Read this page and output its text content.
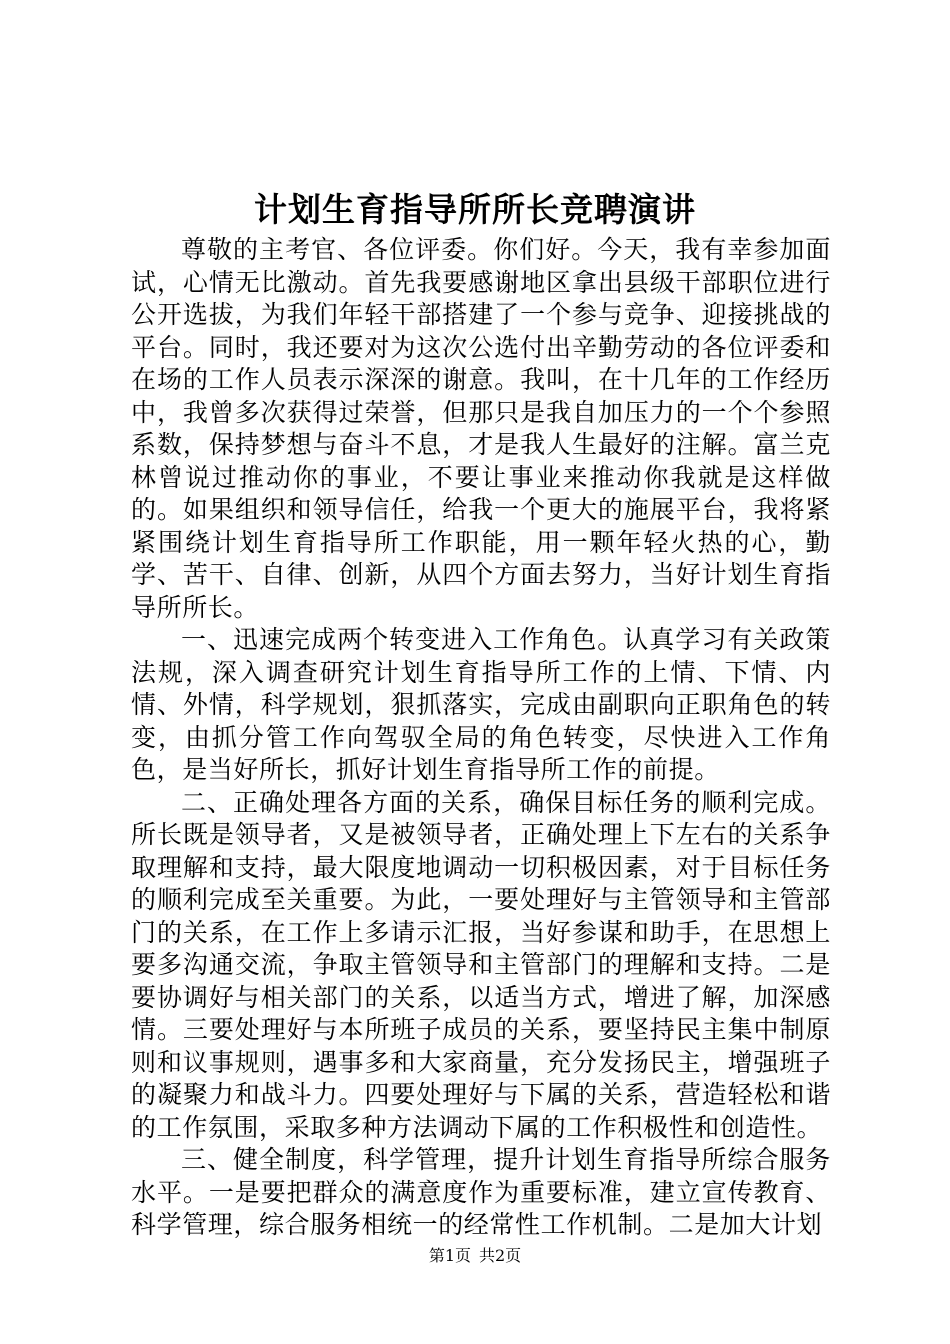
计划生育指导所所长竞聘演讲

尊敬的主考官、各位评委。你们好。今天，我有幸参加面试，心情无比激动。首先我要感谢地区拿出县级干部职位进行公开选拔，为我们年轻干部搭建了一个参与竞争、迎接挑战的平台。同时，我还要对为这次公选付出辛勤劳动的各位评委和在场的工作人员表示深深的谢意。我叫，在十几年的工作经历中，我曾多次获得过荣誉，但那只是我自加压力的一个个参照系数，保持梦想与奋斗不息，才是我人生最好的注解。富兰克林曾说过推动你的事业，不要让事业来推动你我就是这样做的。如果组织和领导信任，给我一个更大的施展平台，我将紧紧围绕计划生育指导所工作职能，用一颗年轻火热的心，勤学、苦干、自律、创新，从四个方面去努力，当好计划生育指导所所长。

一、迅速完成两个转变进入工作角色。认真学习有关政策法规，深入调查研究计划生育指导所工作的上情、下情、内情、外情，科学规划，狠抓落实，完成由副职向正职角色的转变，由抓分管工作向驾驭全局的角色转变，尽快进入工作角色，是当好所长，抓好计划生育指导所工作的前提。

二、正确处理各方面的关系，确保目标任务的顺利完成。所长既是领导者，又是被领导者，正确处理上下左右的关系争取理解和支持，最大限度地调动一切积极因素，对于目标任务的顺利完成至关重要。为此，一要处理好与主管领导和主管部门的关系，在工作上多请示汇报，当好参谋和助手，在思想上要多沟通交流，争取主管领导和主管部门的理解和支持。二是要协调好与相关部门的关系，以适当方式，增进了解，加深感情。三要处理好与本所班子成员的关系，要坚持民主集中制原则和议事规则，遇事多和大家商量，充分发扬民主，增强班子的凝聚力和战斗力。四要处理好与下属的关系，营造轻松和谐的工作氛围，采取多种方法调动下属的工作积极性和创造性。

三、健全制度，科学管理，提升计划生育指导所综合服务水平。一是要把群众的满意度作为重要标准，建立宣传教育、科学管理，综合服务相统一的经常性工作机制。二是加大计划

第1页 共2页
